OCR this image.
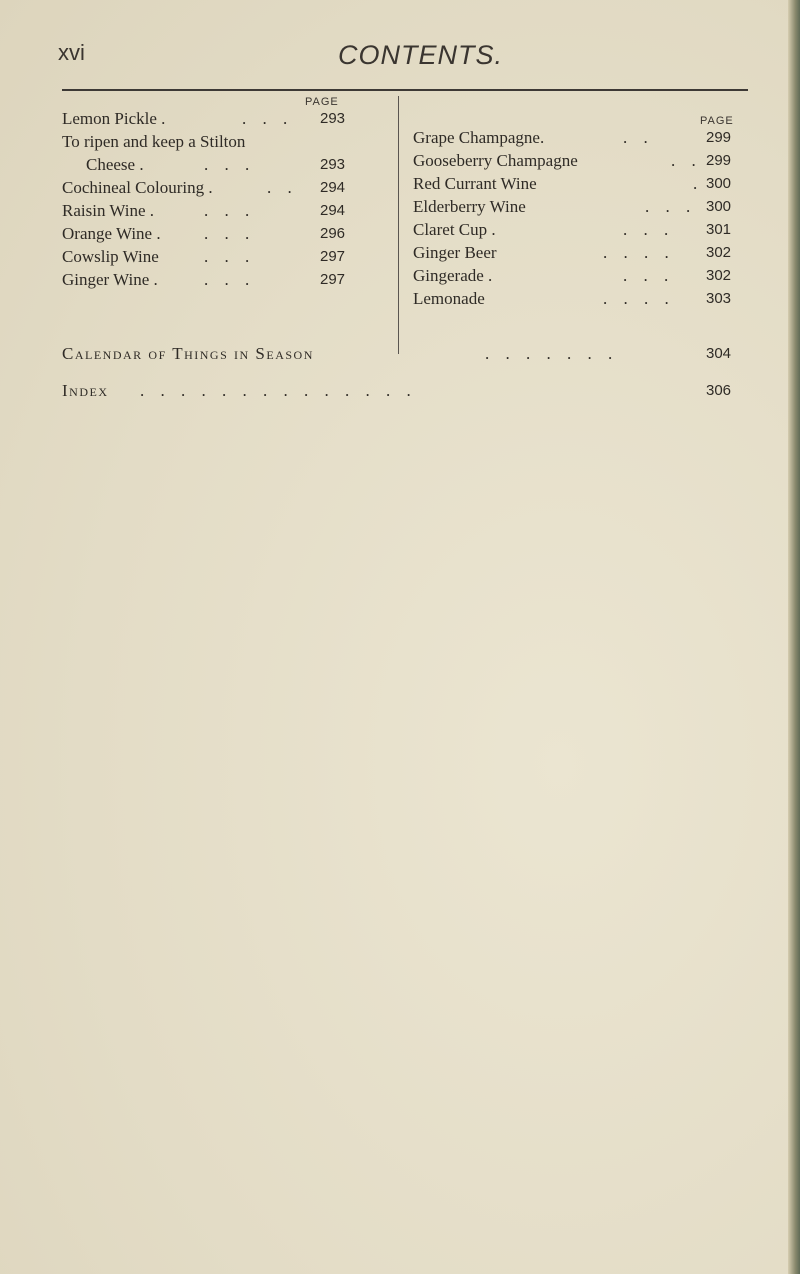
xvi	CONTENTS.
PAGE
Lemon Pickle .	. . . 293
To ripen and keep a Stilton
Cheese .	. . .	293
Cochineal Colouring .	. . 294
Raisin Wine .	. . .	294
Orange Wine .	. . .	296
Cowslip Wine	. . .	297
Ginger Wine .	. . .	297
PAGE
Grape Champagne.	. .	299
Gooseberry Champagne	. . 299
Red Currant Wine	. 300
Elderberry Wine	. . . 300
Claret Cup .	. . . 301
Ginger Beer	. . . . 302
Gingerade .	. . . 302
Lemonade	. . . . 303
Calendar of Things in Season	. . . . . . .	304
Index . . . . . . . . . . . . . .	306
